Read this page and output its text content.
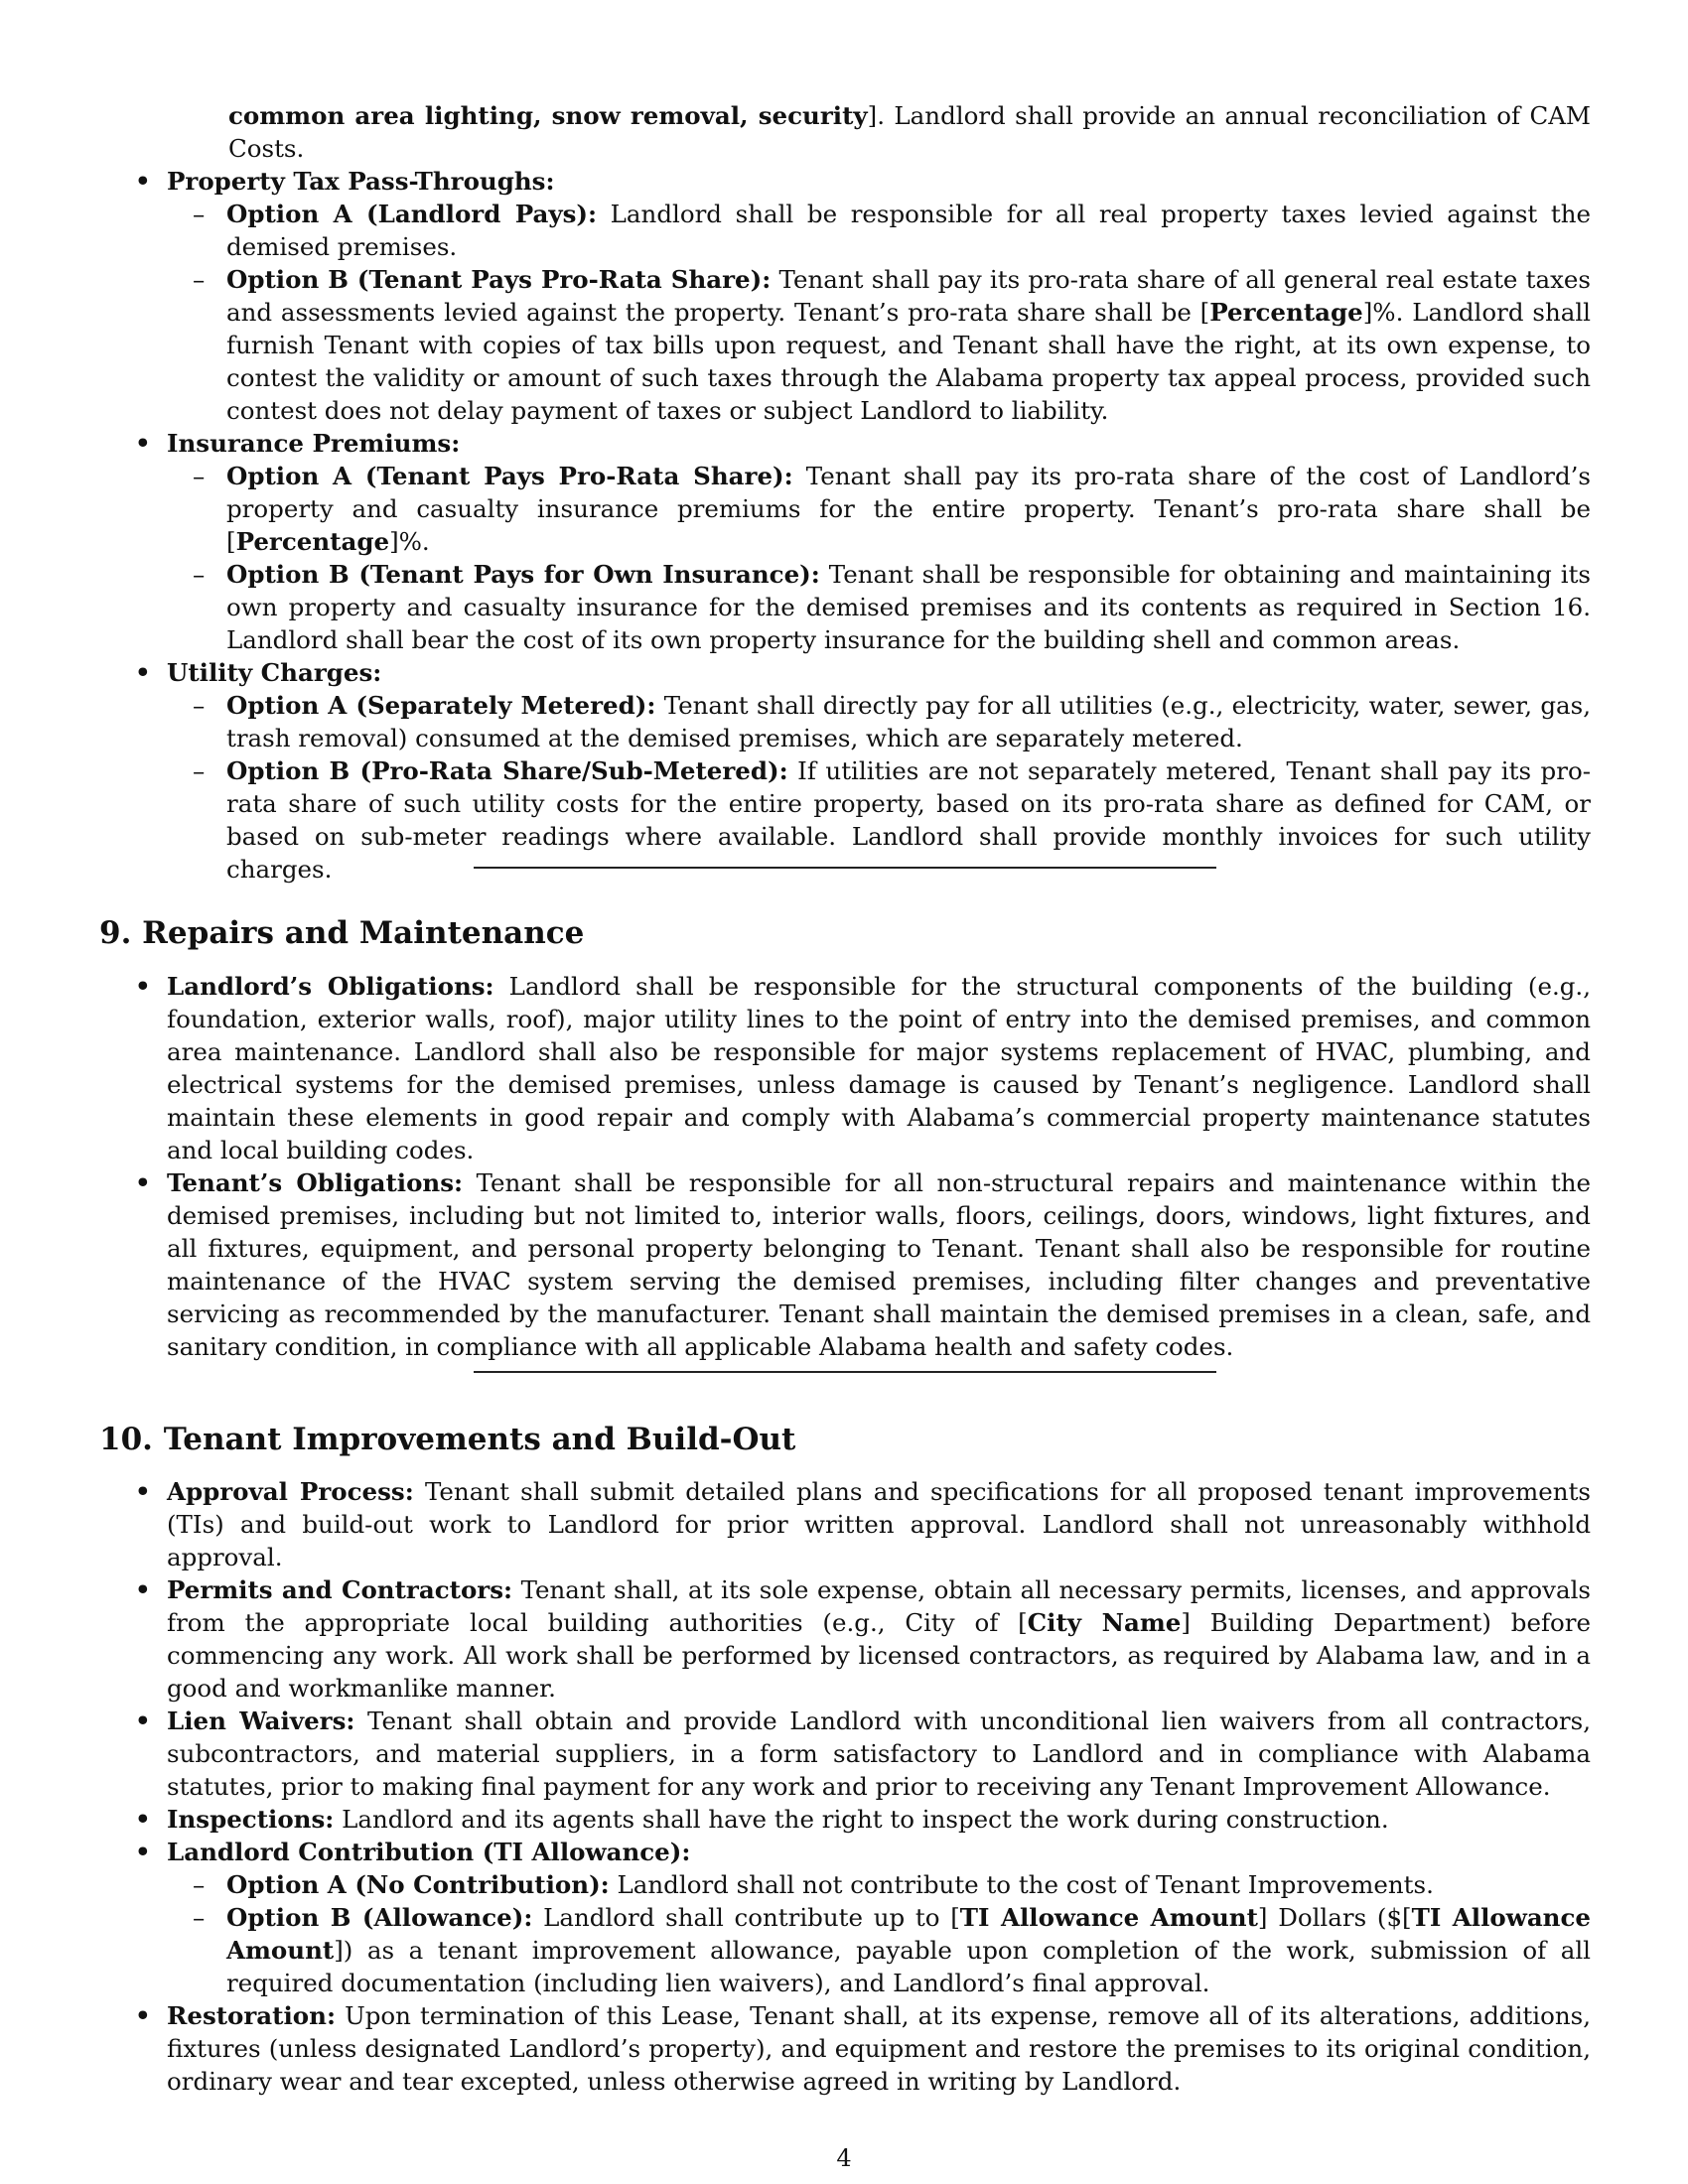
common area lighting, snow removal, security]. Landlord shall provide an annual reconciliation of CAM Costs.
• Property Tax Pass-Throughs:
– Option A (Landlord Pays): Landlord shall be responsible for all real property taxes levied against the demised premises.
– Option B (Tenant Pays Pro-Rata Share): Tenant shall pay its pro-rata share of all general real estate taxes and assessments levied against the property. Tenant’s pro-rata share shall be [Percentage]%. Landlord shall furnish Tenant with copies of tax bills upon request, and Tenant shall have the right, at its own expense, to contest the validity or amount of such taxes through the Alabama property tax appeal process, provided such contest does not delay payment of taxes or subject Landlord to liability.
• Insurance Premiums:
– Option A (Tenant Pays Pro-Rata Share): Tenant shall pay its pro-rata share of the cost of Landlord’s property and casualty insurance premiums for the entire property. Tenant’s pro-rata share shall be [Percentage]%.
– Option B (Tenant Pays for Own Insurance): Tenant shall be responsible for obtaining and maintaining its own property and casualty insurance for the demised premises and its contents as required in Section 16. Landlord shall bear the cost of its own property insurance for the building shell and common areas.
• Utility Charges:
– Option A (Separately Metered): Tenant shall directly pay for all utilities (e.g., electricity, water, sewer, gas, trash removal) consumed at the demised premises, which are separately metered.
– Option B (Pro-Rata Share/Sub-Metered): If utilities are not separately metered, Tenant shall pay its pro-rata share of such utility costs for the entire property, based on its pro-rata share as defined for CAM, or based on sub-meter readings where available. Landlord shall provide monthly invoices for such utility charges.
9. Repairs and Maintenance
• Landlord’s Obligations: Landlord shall be responsible for the structural components of the building (e.g., foundation, exterior walls, roof), major utility lines to the point of entry into the demised premises, and common area maintenance. Landlord shall also be responsible for major systems replacement of HVAC, plumbing, and electrical systems for the demised premises, unless damage is caused by Tenant’s negligence. Landlord shall maintain these elements in good repair and comply with Alabama’s commercial property maintenance statutes and local building codes.
• Tenant’s Obligations: Tenant shall be responsible for all non-structural repairs and maintenance within the demised premises, including but not limited to, interior walls, floors, ceilings, doors, windows, light fixtures, and all fixtures, equipment, and personal property belonging to Tenant. Tenant shall also be responsible for routine maintenance of the HVAC system serving the demised premises, including filter changes and preventative servicing as recommended by the manufacturer. Tenant shall maintain the demised premises in a clean, safe, and sanitary condition, in compliance with all applicable Alabama health and safety codes.
10. Tenant Improvements and Build-Out
• Approval Process: Tenant shall submit detailed plans and specifications for all proposed tenant improvements (TIs) and build-out work to Landlord for prior written approval. Landlord shall not unreasonably withhold approval.
• Permits and Contractors: Tenant shall, at its sole expense, obtain all necessary permits, licenses, and approvals from the appropriate local building authorities (e.g., City of [City Name] Building Department) before commencing any work. All work shall be performed by licensed contractors, as required by Alabama law, and in a good and workmanlike manner.
• Lien Waivers: Tenant shall obtain and provide Landlord with unconditional lien waivers from all contractors, subcontractors, and material suppliers, in a form satisfactory to Landlord and in compliance with Alabama statutes, prior to making final payment for any work and prior to receiving any Tenant Improvement Allowance.
• Inspections: Landlord and its agents shall have the right to inspect the work during construction.
• Landlord Contribution (TI Allowance):
– Option A (No Contribution): Landlord shall not contribute to the cost of Tenant Improvements.
– Option B (Allowance): Landlord shall contribute up to [TI Allowance Amount] Dollars ($[TI Allowance Amount]) as a tenant improvement allowance, payable upon completion of the work, submission of all required documentation (including lien waivers), and Landlord’s final approval.
• Restoration: Upon termination of this Lease, Tenant shall, at its expense, remove all of its alterations, additions, fixtures (unless designated Landlord’s property), and equipment and restore the premises to its original condition, ordinary wear and tear excepted, unless otherwise agreed in writing by Landlord.
4
